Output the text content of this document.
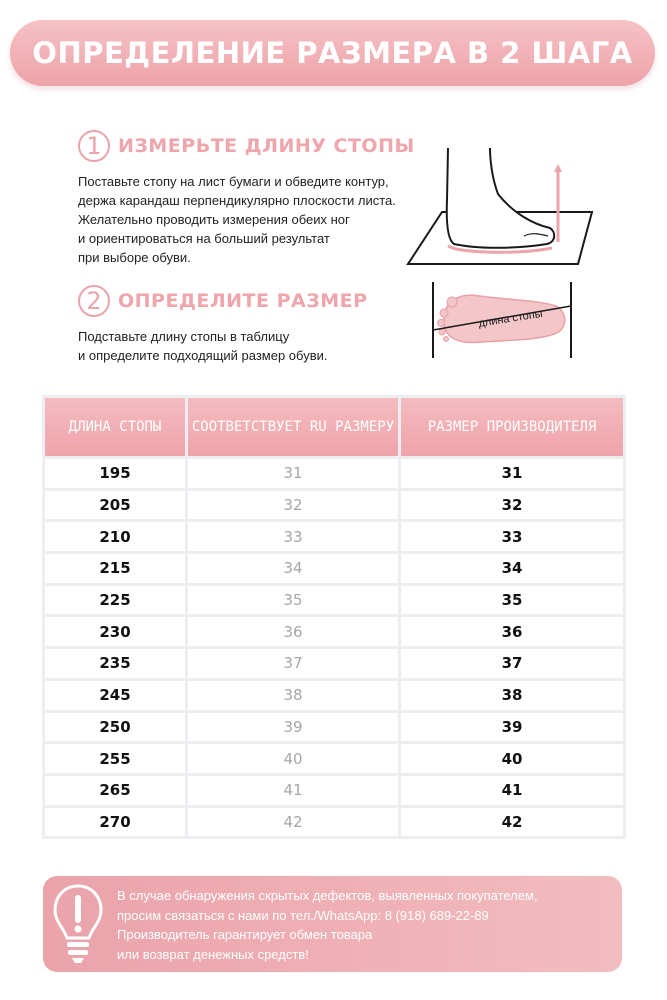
ОПРЕДЕЛЕНИЕ РАЗМЕРА В 2 ШАГА
1 ИЗМЕРЬТЕ ДЛИНУ СТОПЫ
Поставьте стопу на лист бумаги и обведите контур,
держа карандаш перпендикулярно плоскости листа.
Желательно проводить измерения обеих ног
и ориентироваться на больший результат
при выборе обуви.
2 ОПРЕДЕЛИТЕ РАЗМЕР
Подставьте длину стопы в таблицу
и определите подходящий размер обуви.
длина стопы
ДЛИНА СТОПЫ	СООТВЕТСТВУЕТ RU РАЗМЕРУ	РАЗМЕР ПРОИЗВОДИТЕЛЯ
195	31	31
205	32	32
210	33	33
215	34	34
225	35	35
230	36	36
235	37	37
245	38	38
250	39	39
255	40	40
265	41	41
270	42	42
В случае обнаружения скрытых дефектов, выявленных покупателем,
просим связаться с нами по тел./WhatsApp: 8 (918) 689-22-89
Производитель гарантирует обмен товара
или возврат денежных средств!
